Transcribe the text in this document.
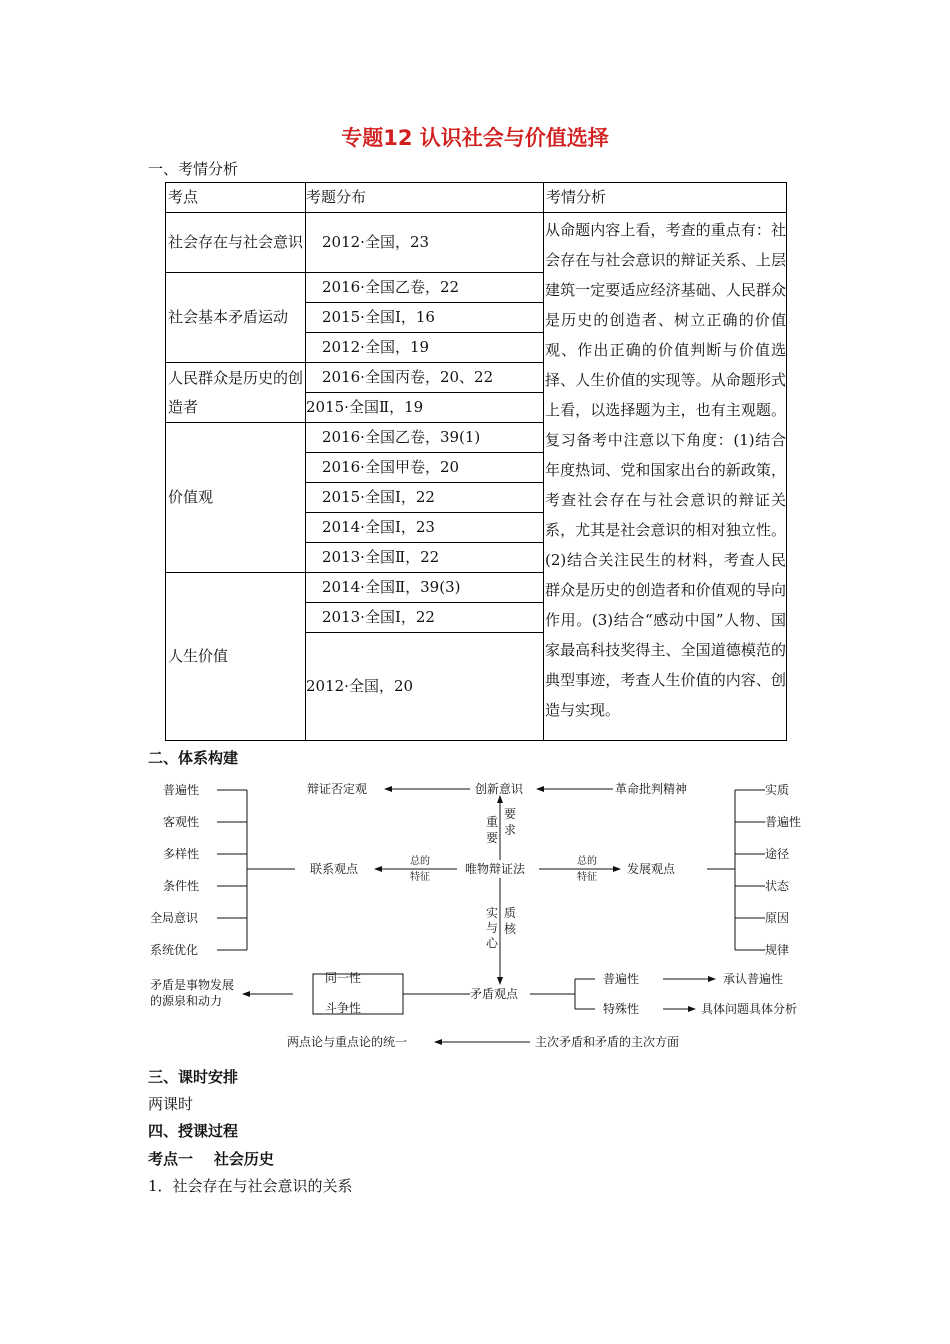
专题12 认识社会与价值选择
一、考情分析
考点	考题分布	考情分析
社会存在与社会意识	2012·全国，23	从命题内容上看，考查的重点有：社会存在与社会意识的辩证关系、上层建筑一定要适应经济基础、人民群众是历史的创造者、树立正确的价值观、作出正确的价值判断与价值选择、人生价值的实现等。从命题形式上看，以选择题为主，也有主观题。复习备考中注意以下角度：(1)结合年度热词、党和国家出台的新政策，考查社会存在与社会意识的辩证关系，尤其是社会意识的相对独立性。(2)结合关注民生的材料，考查人民群众是历史的创造者和价值观的导向作用。(3)结合“感动中国”人物、国家最高科技奖得主、全国道德模范的典型事迹，考查人生价值的内容、创造与实现。
社会基本矛盾运动	2016·全国乙卷，22	
	2015·全国Ⅰ，16	
	2012·全国，19	
人民群众是历史的创造者	2016·全国丙卷，20、22	
	2015·全国Ⅱ，19	
价值观	2016·全国乙卷，39(1)	
	2016·全国甲卷，20	
	2015·全国Ⅰ，22	
	2014·全国Ⅰ，23	
	2013·全国Ⅱ，22	
人生价值	2014·全国Ⅱ，39(3)	
	2013·全国Ⅰ，22	
	2012·全国，20	
二、体系构建
普遍性
客观性
多样性
条件性
全局意识
系统优化
实质
普遍性
途径
状态
原因
规律
辩证否定观	创新意识	革命批判精神
重
要
要
求
实
与
心
质
核
联系观点
总的
特征
唯物辩证法
总的
特征
发展观点
同一性
斗争性
矛盾是事物发展
的源泉和动力	矛盾观点
普遍性
特殊性
承认普遍性
具体问题具体分析
两点论与重点论的统一	主次矛盾和矛盾的主次方面
三、课时安排
两课时
四、授课过程
考点一    社会历史
1．社会存在与社会意识的关系
